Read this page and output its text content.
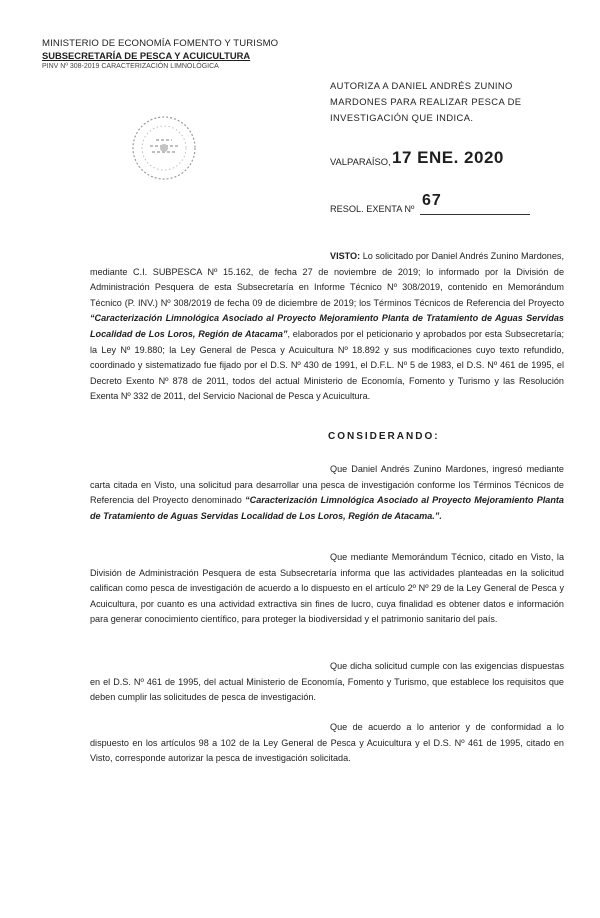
MINISTERIO DE ECONOMÍA FOMENTO Y TURISMO
SUBSECRETARÍA DE PESCA Y ACUICULTURA
PINV Nº 308-2019 CARACTERIZACIÓN LIMNOLÓGICA
AUTORIZA A DANIEL ANDRÉS ZUNINO MARDONES PARA REALIZAR PESCA DE INVESTIGACIÓN QUE INDICA.
VALPARAÍSO, 17 ENE. 2020
RESOL. EXENTA Nº 67
VISTO: Lo solicitado por Daniel Andrés Zunino Mardones, mediante C.I. SUBPESCA Nº 15.162, de fecha 27 de noviembre de 2019; lo informado por la División de Administración Pesquera de esta Subsecretaría en Informe Técnico Nº 308/2019, contenido en Memorándum Técnico (P. INV.) Nº 308/2019 de fecha 09 de diciembre de 2019; los Términos Técnicos de Referencia del Proyecto “Caracterización Limnológica Asociado al Proyecto Mejoramiento Planta de Tratamiento de Aguas Servidas Localidad de Los Loros, Región de Atacama”, elaborados por el peticionario y aprobados por esta Subsecretaría; la Ley Nº 19.880; la Ley General de Pesca y Acuicultura Nº 18.892 y sus modificaciones cuyo texto refundido, coordinado y sistematizado fue fijado por el D.S. Nº 430 de 1991, el D.F.L. Nº 5 de 1983, el D.S. Nº 461 de 1995, el Decreto Exento Nº 878 de 2011, todos del actual Ministerio de Economía, Fomento y Turismo y las Resolución Exenta Nº 332 de 2011, del Servicio Nacional de Pesca y Acuicultura.
CONSIDERANDO:
Que Daniel Andrés Zunino Mardones, ingresó mediante carta citada en Visto, una solicitud para desarrollar una pesca de investigación conforme los Términos Técnicos de Referencia del Proyecto denominado “Caracterización Limnológica Asociado al Proyecto Mejoramiento Planta de Tratamiento de Aguas Servidas Localidad de Los Loros, Región de Atacama.”.
Que mediante Memorándum Técnico, citado en Visto, la División de Administración Pesquera de esta Subsecretaría informa que las actividades planteadas en la solicitud califican como pesca de investigación de acuerdo a lo dispuesto en el artículo 2º Nº 29 de la Ley General de Pesca y Acuicultura, por cuanto es una actividad extractiva sin fines de lucro, cuya finalidad es obtener datos e información para generar conocimiento científico, para proteger la biodiversidad y el patrimonio sanitario del país.
Que dicha solicitud cumple con las exigencias dispuestas en el D.S. Nº 461 de 1995, del actual Ministerio de Economía, Fomento y Turismo, que establece los requisitos que deben cumplir las solicitudes de pesca de investigación.
Que de acuerdo a lo anterior y de conformidad a lo dispuesto en los artículos 98 a 102 de la Ley General de Pesca y Acuicultura y el D.S. Nº 461 de 1995, citado en Visto, corresponde autorizar la pesca de investigación solicitada.
